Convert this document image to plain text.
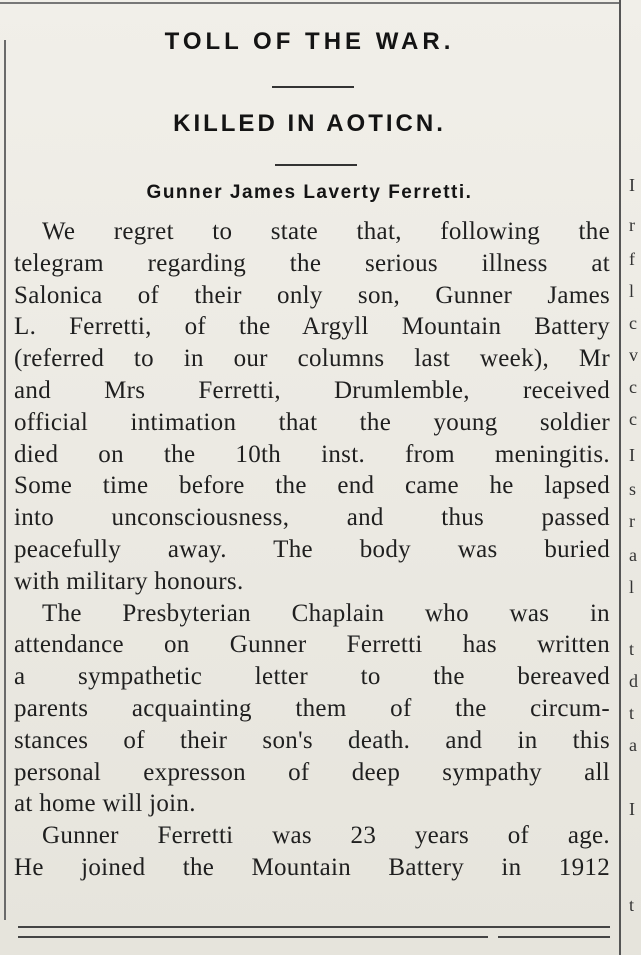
I
r
f
l
c
v
c
c
I
s
r
a
l
t
d
t
a
I
t
TOLL OF THE WAR.
KILLED IN AOTICN.
Gunner James Laverty Ferretti.
We regret to state that, following the
telegram regarding the serious illness at
Salonica of their only son, Gunner James
L. Ferretti, of the Argyll Mountain Battery
(referred to in our columns last week), Mr
and Mrs Ferretti, Drumlemble, received
official intimation that the young soldier
died on the 10th inst. from meningitis.
Some time before the end came he lapsed
into unconsciousness, and thus passed
peacefully away. The body was buried
with military honours.
The Presbyterian Chaplain who was in
attendance on Gunner Ferretti has written
a sympathetic letter to the bereaved
parents acquainting them of the circum-
stances of their son's death. and in this
personal expresson of deep sympathy all
at home will join.
Gunner Ferretti was 23 years of age.
He joined the Mountain Battery in 1912
